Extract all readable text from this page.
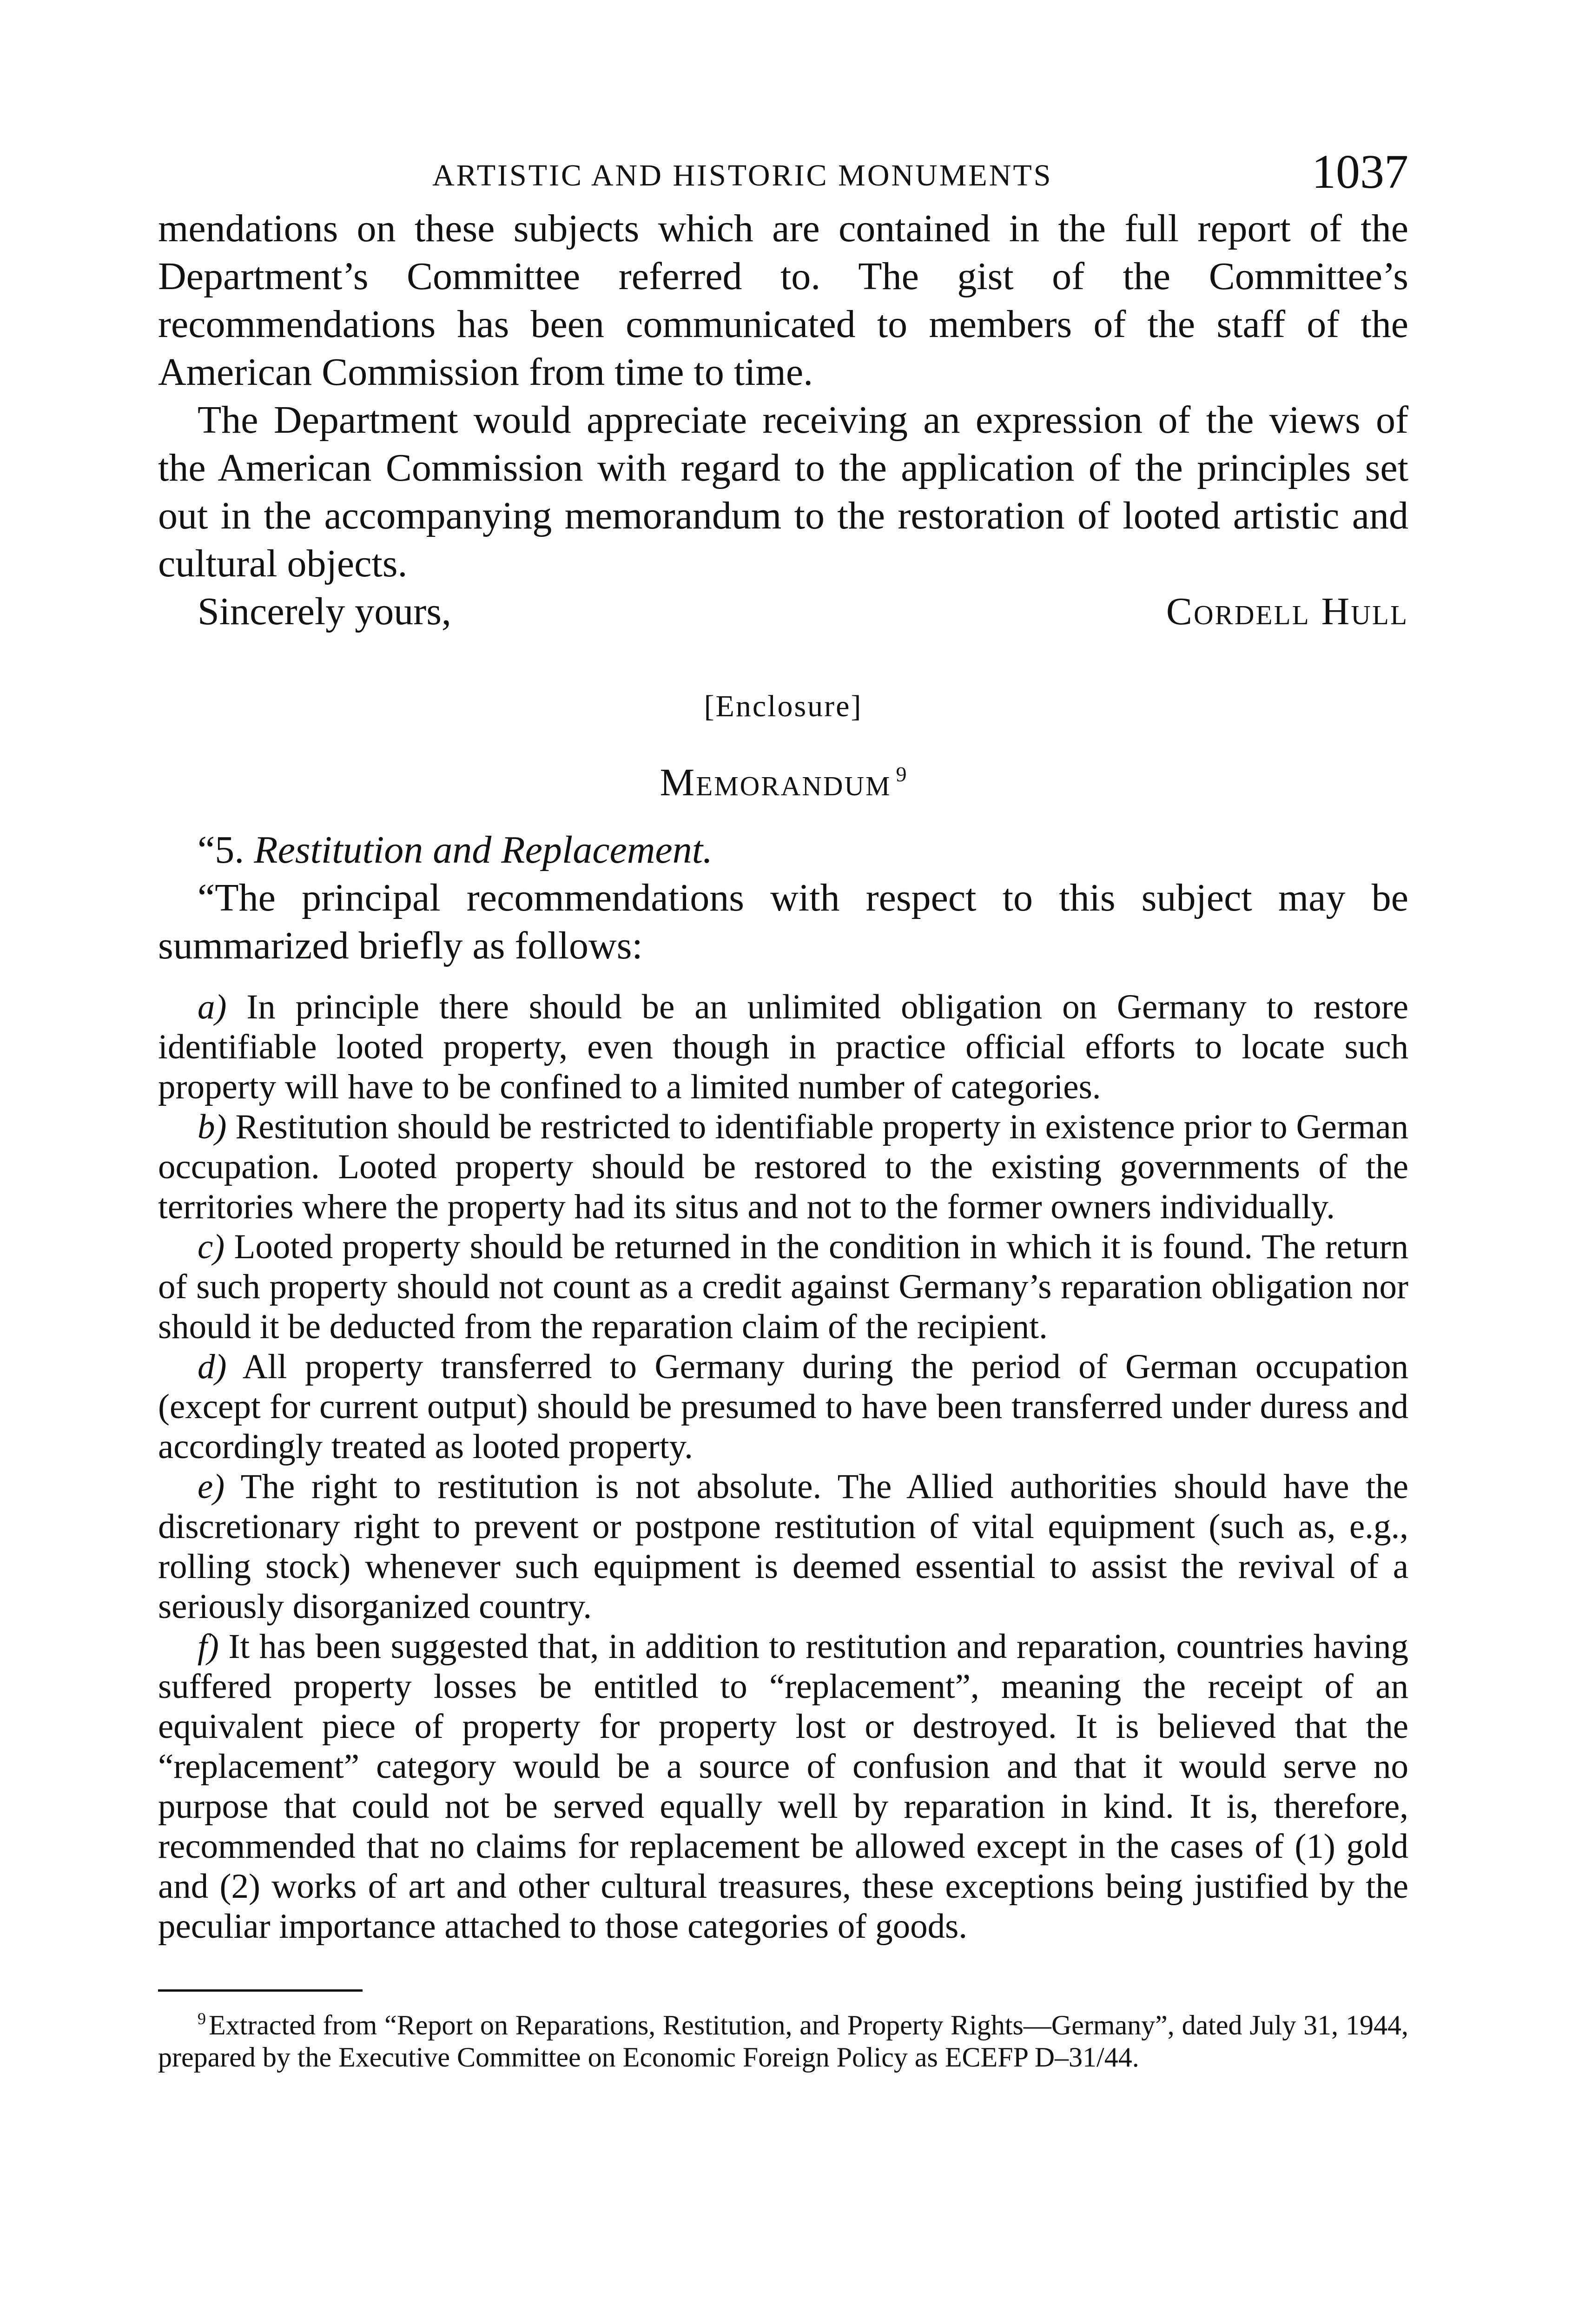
ARTISTIC AND HISTORIC MONUMENTS	1037

mendations on these subjects which are contained in the full report of the Department’s Committee referred to. The gist of the Committee’s recommendations has been communicated to members of the staff of the American Commission from time to time.

The Department would appreciate receiving an expression of the views of the American Commission with regard to the application of the principles set out in the accompanying memorandum to the restoration of looted artistic and cultural objects.

Sincerely yours,	Cordell Hull
[Enclosure]
Memorandum $^9$
“5. Restitution and Replacement.

“The principal recommendations with respect to this subject may be summarized briefly as follows:

a) In principle there should be an unlimited obligation on Germany to restore identifiable looted property, even though in practice official efforts to locate such property will have to be confined to a limited number of categories.

b) Restitution should be restricted to identifiable property in existence prior to German occupation. Looted property should be restored to the existing governments of the territories where the property had its situs and not to the former owners individually.

c) Looted property should be returned in the condition in which it is found. The return of such property should not count as a credit against Germany’s reparation obligation nor should it be deducted from the reparation claim of the recipient.

d) All property transferred to Germany during the period of German occupation (except for current output) should be presumed to have been transferred under duress and accordingly treated as looted property.

e) The right to restitution is not absolute. The Allied authorities should have the discretionary right to prevent or postpone restitution of vital equipment (such as, e.g., rolling stock) whenever such equipment is deemed essential to assist the revival of a seriously disorganized country.

f) It has been suggested that, in addition to restitution and reparation, countries having suffered property losses be entitled to “replacement”, meaning the receipt of an equivalent piece of property for property lost or destroyed. It is believed that the “replacement” category would be a source of confusion and that it would serve no purpose that could not be served equally well by reparation in kind. It is, therefore, recommended that no claims for replacement be allowed except in the cases of (1) gold and (2) works of art and other cultural treasures, these exceptions being justified by the peculiar importance attached to those categories of goods.

$^9$ Extracted from “Report on Reparations, Restitution, and Property Rights—Germany”, dated July 31, 1944, prepared by the Executive Committee on Economic Foreign Policy as ECEFP D–31/44.
